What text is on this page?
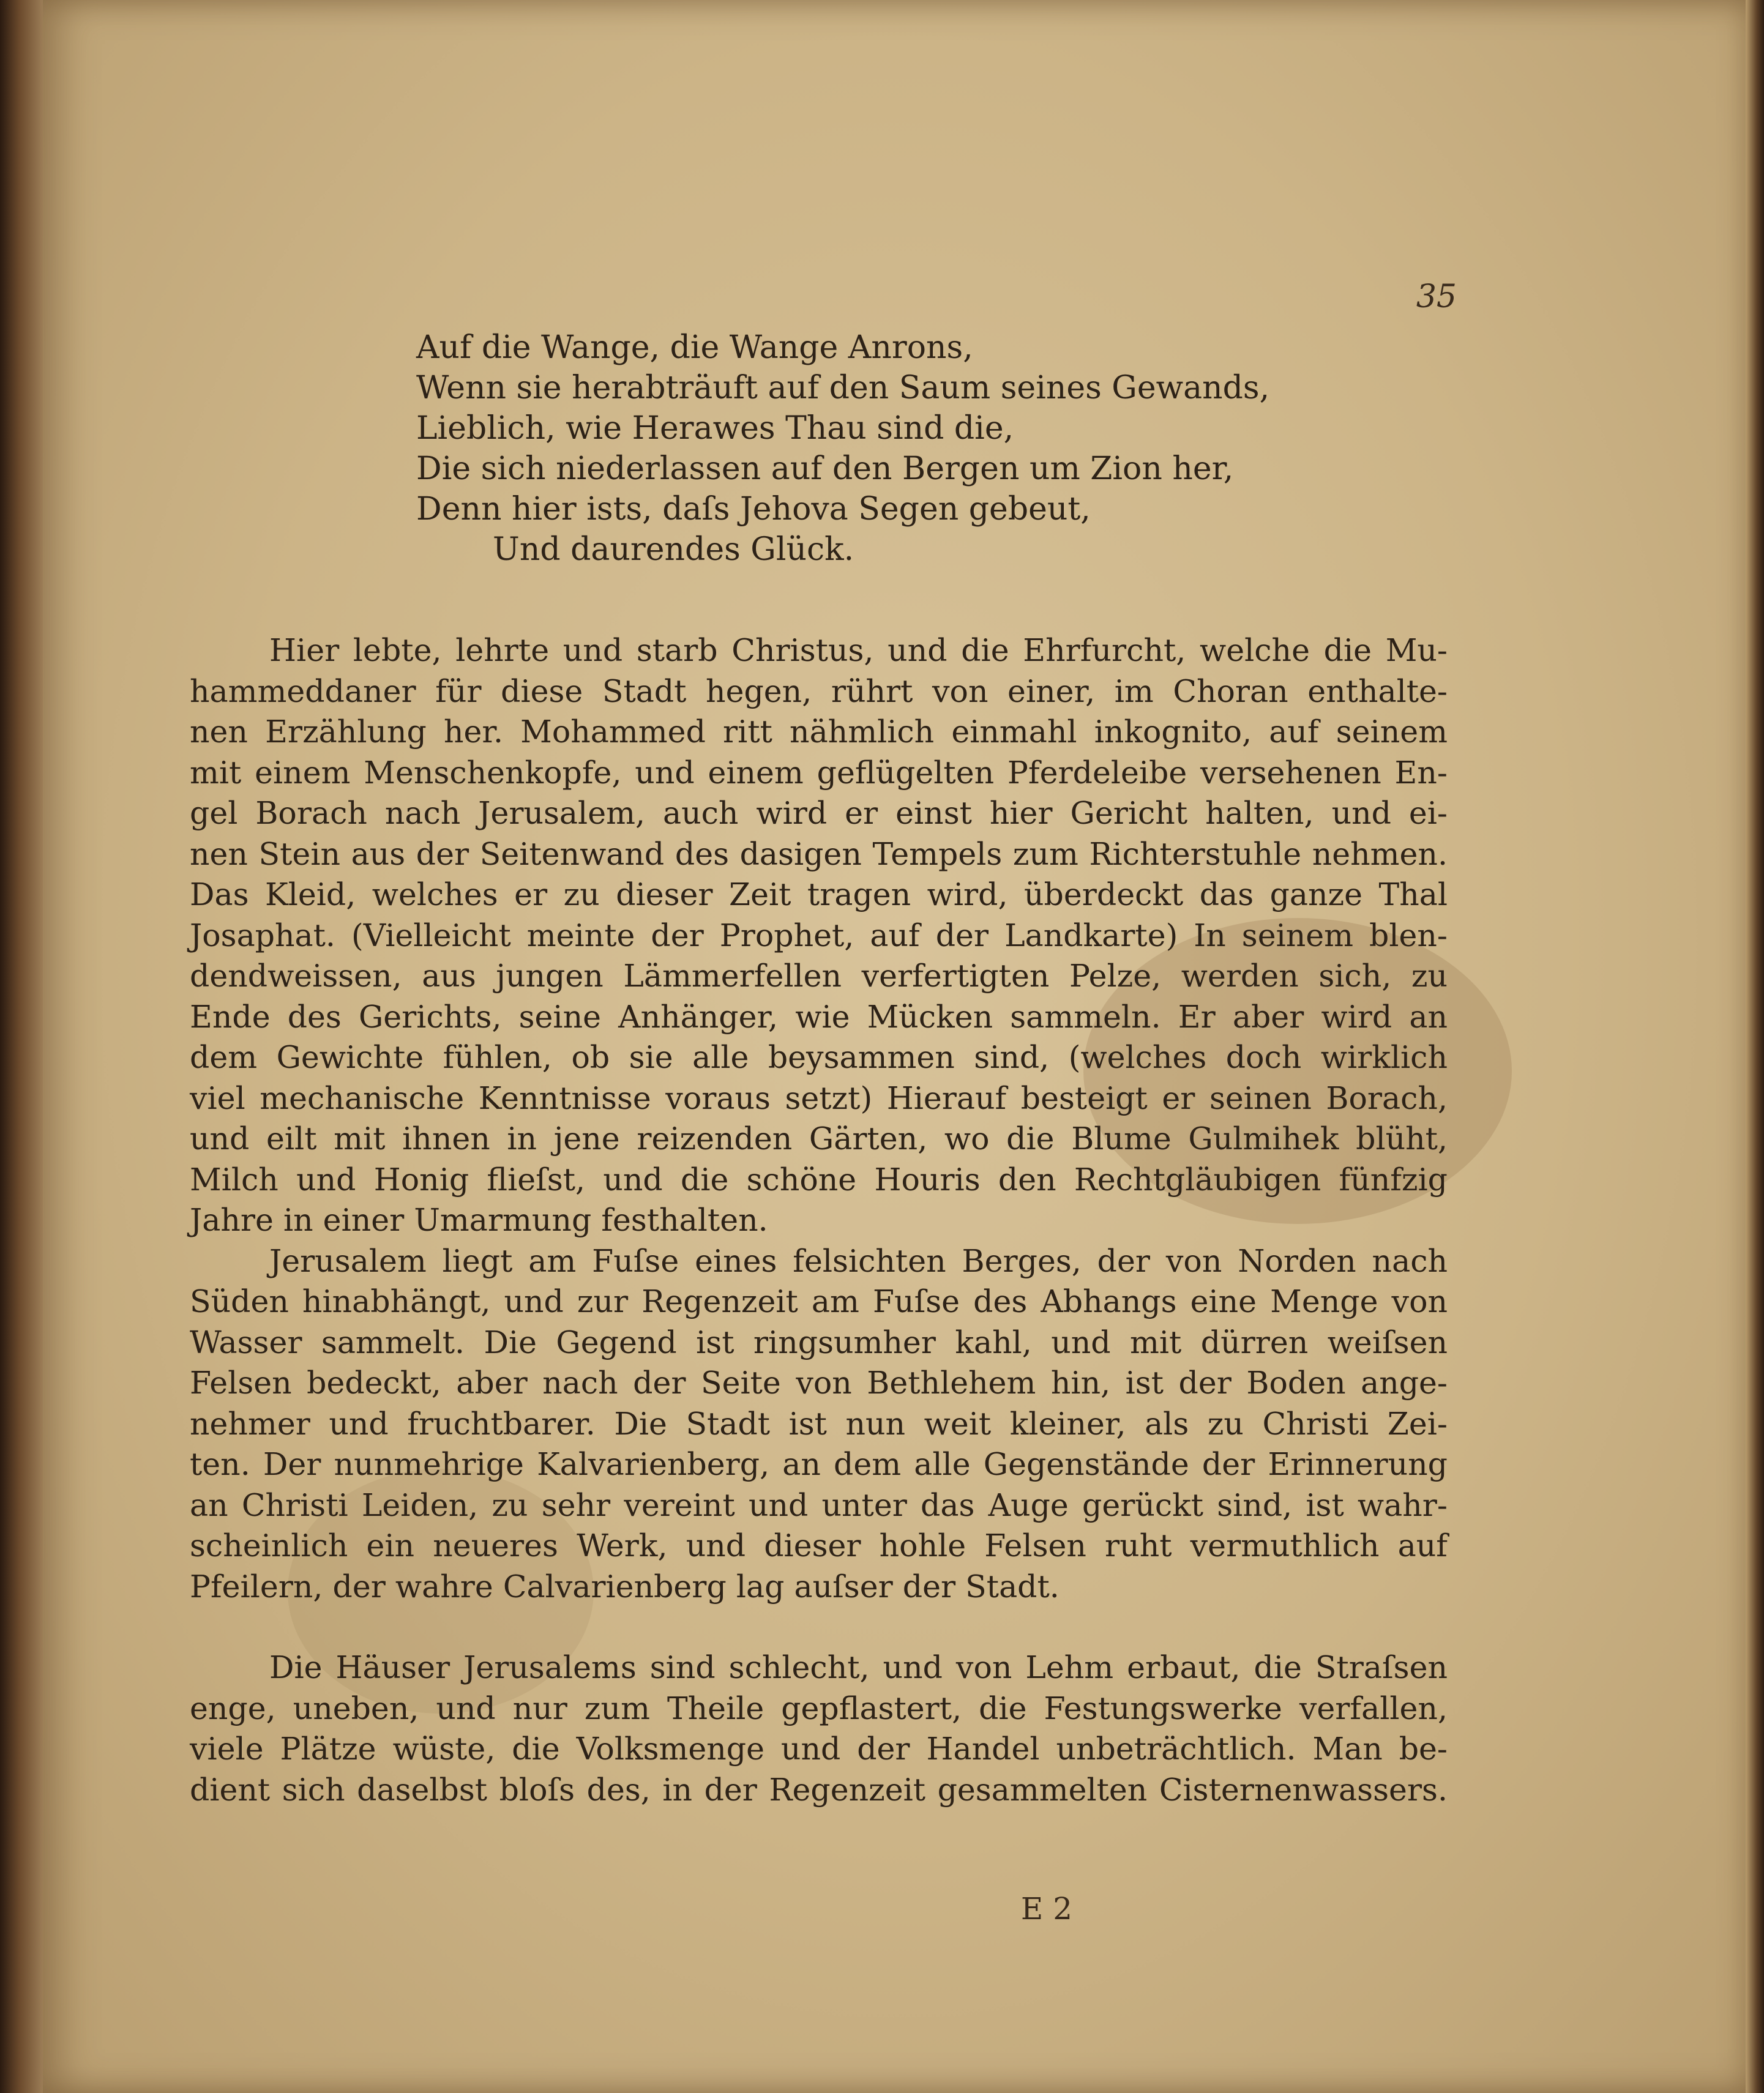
35
Auf die Wange, die Wange Anrons,
Wenn sie herabträuft auf den Saum seines Gewands,
Lieblich, wie Herawes Thau sind die,
Die sich niederlassen auf den Bergen um Zion her,
Denn hier ists, daſs Jehova Segen gebeut,
Und daurendes Glück.
Hier lebte, lehrte und starb Christus, und die Ehrfurcht, welche die Mu-
hammeddaner für diese Stadt hegen, rührt von einer, im Choran enthalte-
nen Erzählung her. Mohammed ritt nähmlich einmahl inkognito, auf seinem
mit einem Menschenkopfe, und einem geflügelten Pferdeleibe versehenen En-
gel Borach nach Jerusalem, auch wird er einst hier Gericht halten, und ei-
nen Stein aus der Seitenwand des dasigen Tempels zum Richterstuhle nehmen.
Das Kleid, welches er zu dieser Zeit tragen wird, überdeckt das ganze Thal
Josaphat. (Vielleicht meinte der Prophet, auf der Landkarte) In seinem blen-
dendweissen, aus jungen Lämmerfellen verfertigten Pelze, werden sich, zu
Ende des Gerichts, seine Anhänger, wie Mücken sammeln. Er aber wird an
dem Gewichte fühlen, ob sie alle beysammen sind, (welches doch wirklich
viel mechanische Kenntnisse voraus setzt) Hierauf besteigt er seinen Borach,
und eilt mit ihnen in jene reizenden Gärten, wo die Blume Gulmihek blüht,
Milch und Honig flieſst, und die schöne Houris den Rechtgläubigen fünfzig
Jahre in einer Umarmung festhalten.
Jerusalem liegt am Fuſse eines felsichten Berges, der von Norden nach
Süden hinabhängt, und zur Regenzeit am Fuſse des Abhangs eine Menge von
Wasser sammelt. Die Gegend ist ringsumher kahl, und mit dürren weiſsen
Felsen bedeckt, aber nach der Seite von Bethlehem hin, ist der Boden ange-
nehmer und fruchtbarer. Die Stadt ist nun weit kleiner, als zu Christi Zei-
ten. Der nunmehrige Kalvarienberg, an dem alle Gegenstände der Erinnerung
an Christi Leiden, zu sehr vereint und unter das Auge gerückt sind, ist wahr-
scheinlich ein neueres Werk, und dieser hohle Felsen ruht vermuthlich auf
Pfeilern, der wahre Calvarienberg lag auſser der Stadt.
Die Häuser Jerusalems sind schlecht, und von Lehm erbaut, die Straſsen
enge, uneben, und nur zum Theile gepflastert, die Festungswerke verfallen,
viele Plätze wüste, die Volksmenge und der Handel unbeträchtlich. Man be-
dient sich daselbst bloſs des, in der Regenzeit gesammelten Cisternenwassers.
E 2
